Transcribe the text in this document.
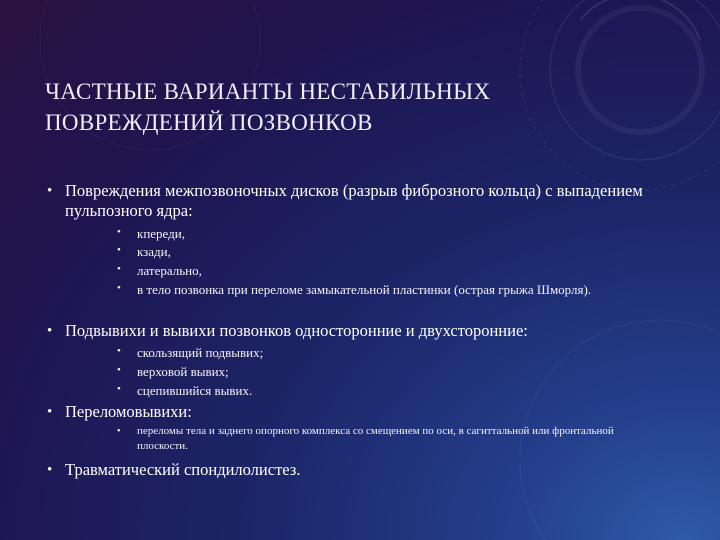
ЧАСТНЫЕ ВАРИАНТЫ НЕСТАБИЛЬНЫХ ПОВРЕЖДЕНИЙ ПОЗВОНКОВ
• Повреждения межпозвоночных дисков (разрыв фиброзного кольца) с выпадением пульпозного ядра:
• кпереди,
• кзади,
• латерально,
• в тело позвонка при переломе замыкательной пластинки (острая грыжа Шморля).
• Подвывихи и вывихи позвонков односторонние и двухсторонние:
• скользящий подвывих;
• верховой вывих;
• сцепившийся вывих.
• Переломовывихи:
• переломы тела и заднего опорного комплекса со смещением по оси, в сагиттальной или фронтальной плоскости.
• Травматический спондилолистез.
